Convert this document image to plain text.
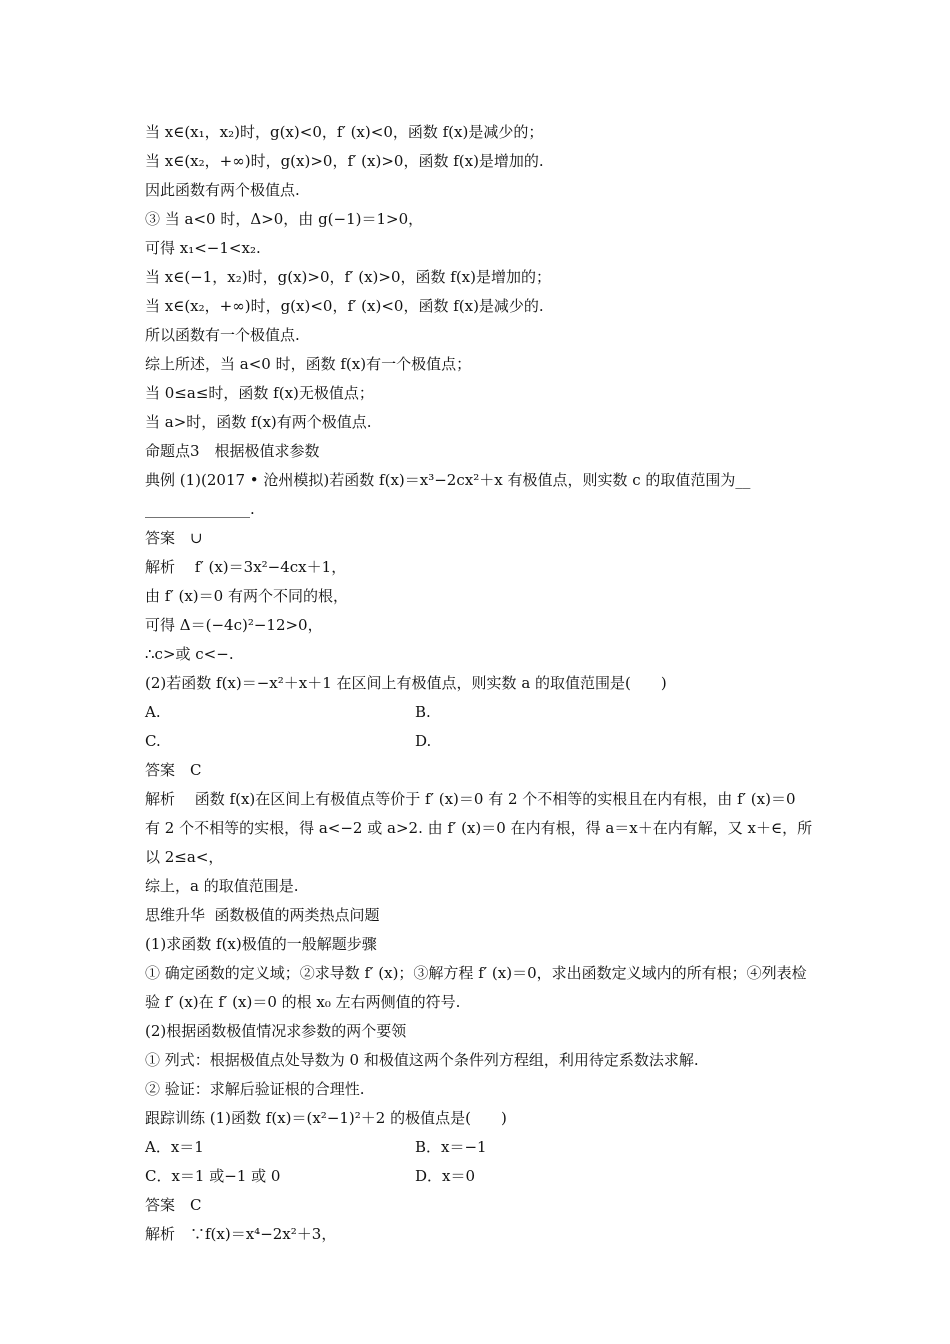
当 x∈(x₁，x₂)时，g(x)<0，f′ (x)<0，函数 f(x)是减少的；
当 x∈(x₂，+∞)时，g(x)>0，f′ (x)>0，函数 f(x)是增加的.
因此函数有两个极值点.
③ 当 a<0 时，Δ>0，由 g(−1)＝1>0，
可得 x₁<−1<x₂.
当 x∈(−1，x₂)时，g(x)>0，f′ (x)>0，函数 f(x)是增加的；
当 x∈(x₂，+∞)时，g(x)<0，f′ (x)<0，函数 f(x)是减少的.
所以函数有一个极值点.
综上所述，当 a<0 时，函数 f(x)有一个极值点；
当 0≤a≤时，函数 f(x)无极值点；
当 a>时，函数 f(x)有两个极值点.
命题点3　根据极值求参数
典例 (1)(2017 • 沧州模拟)若函数 f(x)＝x³−2cx²＋x 有极值点，则实数 c 的取值范围为__
______________.
答案　∪
解析　 f′ (x)＝3x²−4cx＋1，
由 f′ (x)＝0 有两个不同的根，
可得 Δ＝(−4c)²−12>0，
∴c>或 c<−.
(2)若函数 f(x)＝−x²＋x＋1 在区间上有极值点，则实数 a 的取值范围是(　　)
A.	B.
C.	D.
答案　C
解析　 函数 f(x)在区间上有极值点等价于 f′ (x)＝0 有 2 个不相等的实根且在内有根，由 f′ (x)＝0 有 2 个不相等的实根，得 a<−2 或 a>2. 由 f′ (x)＝0 在内有根，得 a＝x＋在内有解，又 x＋∈，所以 2≤a<，
综上，a 的取值范围是.
思维升华  函数极值的两类热点问题
(1)求函数 f(x)极值的一般解题步骤
① 确定函数的定义域；②求导数 f′ (x)；③解方程 f′ (x)＝0，求出函数定义域内的所有根；④列表检验 f′ (x)在 f′ (x)＝0 的根 x₀ 左右两侧值的符号.
(2)根据函数极值情况求参数的两个要领
① 列式：根据极值点处导数为 0 和极值这两个条件列方程组，利用待定系数法求解.
② 验证：求解后验证根的合理性.
跟踪训练 (1)函数 f(x)＝(x²−1)²＋2 的极值点是(　　)
A．x＝1	B．x＝−1
C．x＝1 或−1 或 0	D．x＝0
答案　C
解析　∵f(x)＝x⁴−2x²＋3，
